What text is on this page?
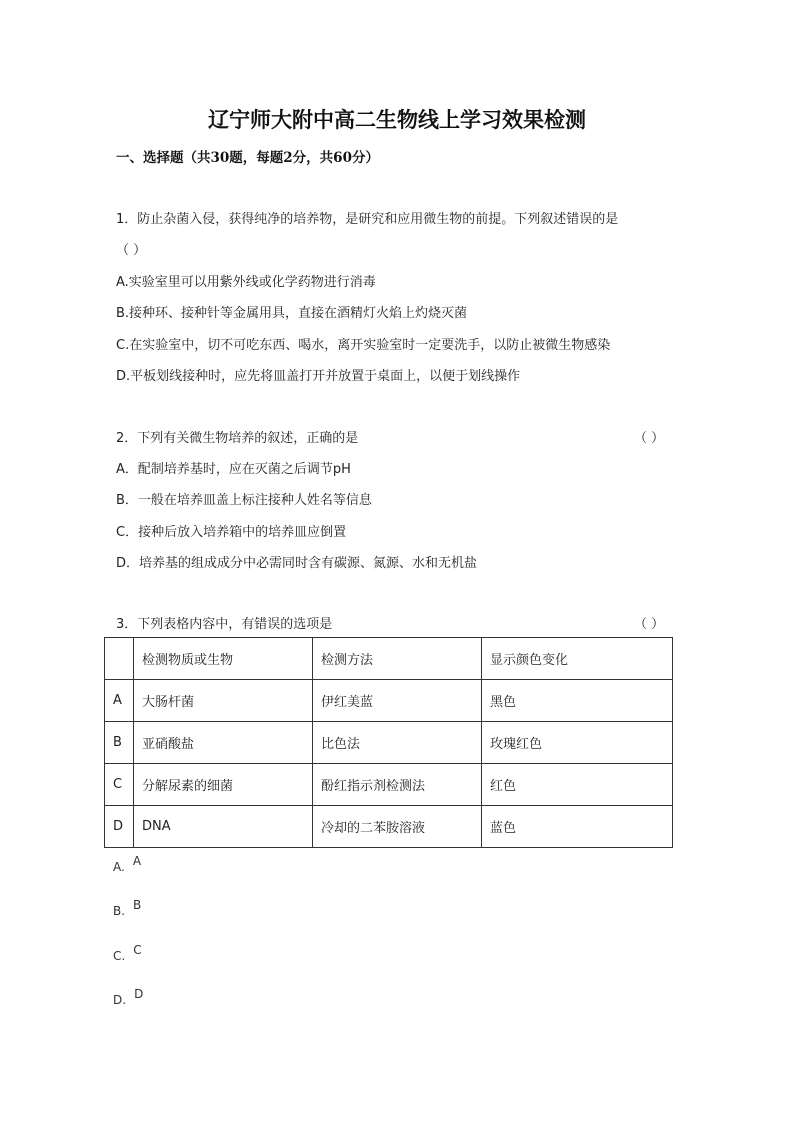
辽宁师大附中高二生物线上学习效果检测
一、选择题（共30题，每题2分，共60分）
1．防止杂菌入侵，获得纯净的培养物，是研究和应用微生物的前提。下列叙述错误的是
（ ）
A.实验室里可以用紫外线或化学药物进行消毒
B.接种环、接种针等金属用具，直接在酒精灯火焰上灼烧灭菌
C.在实验室中，切不可吃东西、喝水，离开实验室时一定要洗手，以防止被微生物感染
D.平板划线接种时，应先将皿盖打开并放置于桌面上，以便于划线操作
2．下列有关微生物培养的叙述，正确的是	（ ）
A．配制培养基时，应在灭菌之后调节pH
B．一般在培养皿盖上标注接种人姓名等信息
C．接种后放入培养箱中的培养皿应倒置
D．培养基的组成成分中必需同时含有碳源、氮源、水和无机盐
3．下列表格内容中，有错误的选项是	（ ）
	检测物质或生物	检测方法	显示颜色变化
A	大肠杆菌	伊红美蓝	黑色
B	亚硝酸盐	比色法	玫瑰红色
C	分解尿素的细菌	酚红指示剂检测法	红色
D	DNA	冷却的二苯胺溶液	蓝色
A. A
B. B
C. C
D. D
